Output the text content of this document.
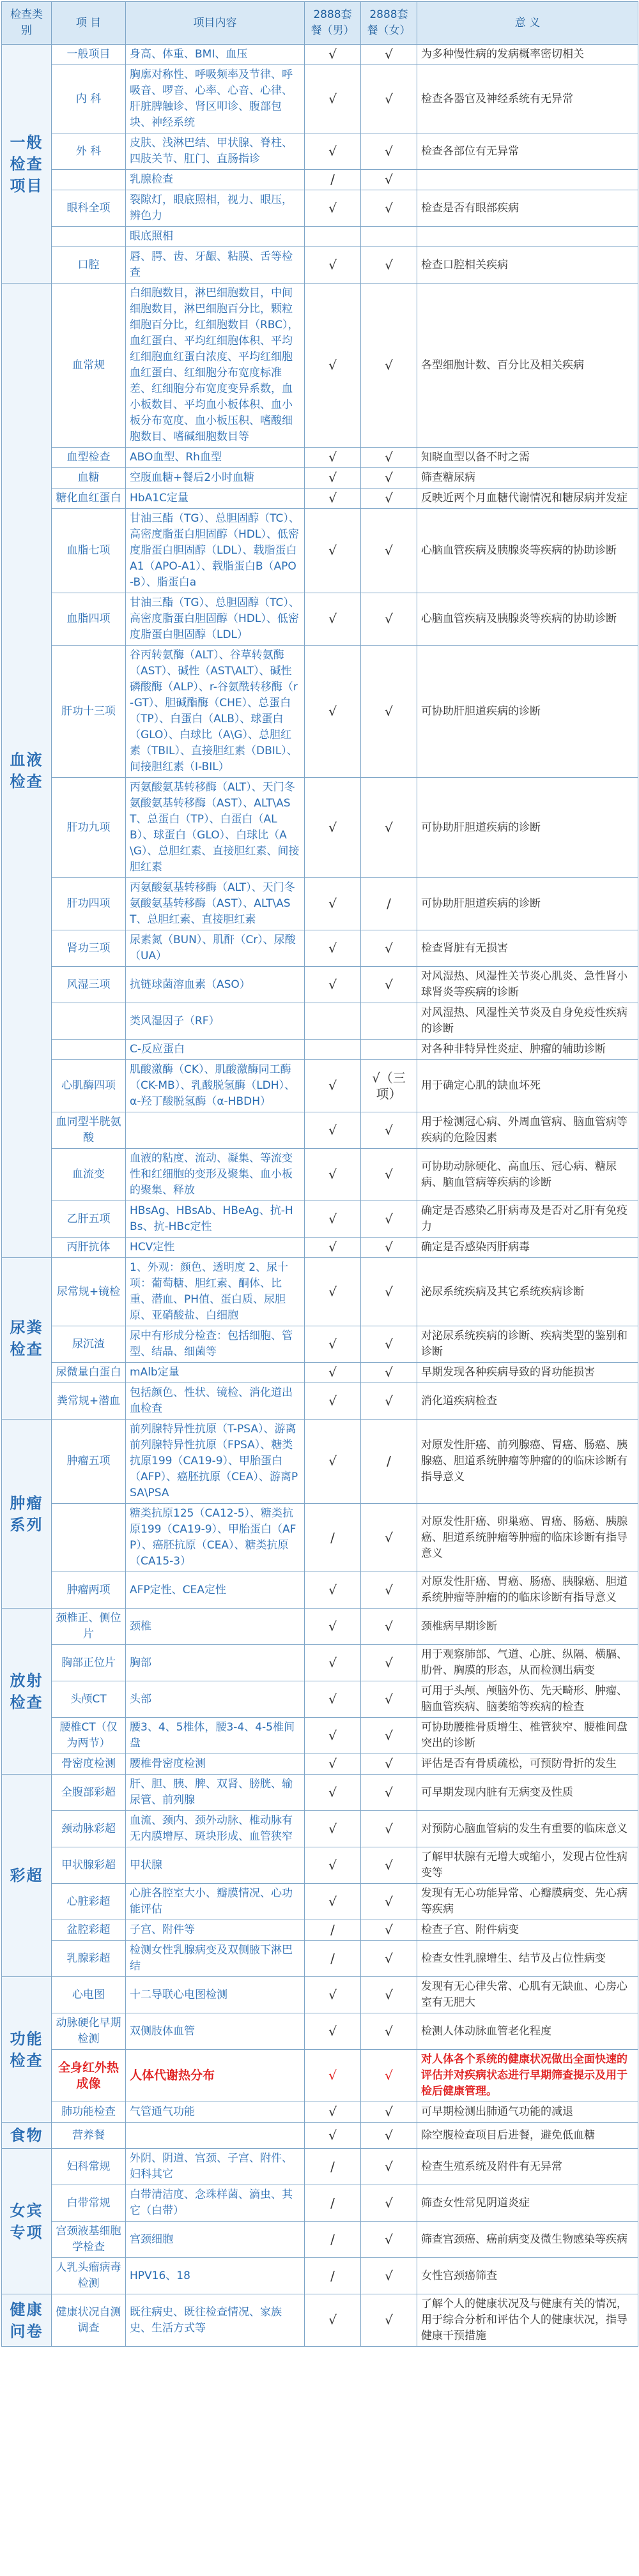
检查类别	项 目	项目内容	2888套餐（男）	2888套餐（女）	意 义
一般检查项目	一般项目	身高、体重、BMI、血压	√	√	为多种慢性病的发病概率密切相关
	内 科	胸廓对称性、呼吸频率及节律、呼吸音、啰音、心率、心音、心律、肝脏脾触诊、肾区叩诊、腹部包块、神经系统	√	√	检查各器官及神经系统有无异常
	外 科	皮肤、浅淋巴结、甲状腺、脊柱、四肢关节、肛门、直肠指诊	√	√	检查各部位有无异常
		乳腺检查	/	√	
	眼科全项	裂隙灯，眼底照相，视力、眼压，辨色力	√	√	检查是否有眼部疾病
		眼底照相			
	口腔	唇、腭、齿、牙龈、粘膜、舌等检查	√	√	检查口腔相关疾病
血液检查	血常规	白细胞数目，淋巴细胞数目，中间细胞数目，淋巴细胞百分比，颗粒细胞百分比，红细胞数目（RBC），血红蛋白、平均红细胞体积、平均红细胞血红蛋白浓度、平均红细胞血红蛋白、红细胞分布宽度标准差、红细胞分布宽度变异系数，血小板数目、平均血小板体积、血小板分布宽度、血小板压积、嗜酸细胞数目、嗜碱细胞数目等	√	√	各型细胞计数、百分比及相关疾病
	血型检查	ABO血型、Rh血型	√	√	知晓血型以备不时之需
	血糖	空腹血糖+餐后2小时血糖	√	√	筛查糖尿病
	糖化血红蛋白	HbA1C定量	√	√	反映近两个月血糖代谢情况和糖尿病并发症
	血脂七项	甘油三酯（TG）、总胆固醇（TC）、高密度脂蛋白胆固醇（HDL）、低密度脂蛋白胆固醇（LDL）、载脂蛋白A1（APO-A1）、载脂蛋白B（APO-B）、脂蛋白a	√	√	心脑血管疾病及胰腺炎等疾病的协助诊断
	血脂四项	甘油三酯（TG）、总胆固醇（TC）、高密度脂蛋白胆固醇（HDL）、低密度脂蛋白胆固醇（LDL）	√	√	心脑血管疾病及胰腺炎等疾病的协助诊断
	肝功十三项	谷丙转氨酶（ALT）、谷草转氨酶（AST）、碱性（AST\ALT）、碱性磷酸酶（ALP）、r-谷氨酰转移酶（r-GT）、胆碱酯酶（CHE）、总蛋白（TP）、白蛋白（ALB）、球蛋白（GLO）、白球比（A\G）、总胆红素（TBIL）、直接胆红素（DBIL）、间接胆红素（I-BIL）	√	√	可协助肝胆道疾病的诊断
	肝功九项	丙氨酸氨基转移酶（ALT）、天门冬氨酸氨基转移酶（AST）、ALT\AST、总蛋白（TP）、白蛋白（ALB）、球蛋白（GLO）、白球比（A\G）、总胆红素、直接胆红素、间接胆红素	√	√	可协助肝胆道疾病的诊断
	肝功四项	丙氨酸氨基转移酶（ALT）、天门冬氨酸氨基转移酶（AST）、ALT\AST、总胆红素、直接胆红素	√	/	可协助肝胆道疾病的诊断
	肾功三项	尿素氮（BUN）、肌酐（Cr）、尿酸（UA）	√	√	检查肾脏有无损害
	风湿三项	抗链球菌溶血素（ASO）	√	√	对风湿热、风湿性关节炎心肌炎、急性肾小球肾炎等疾病的诊断
		类风湿因子（RF）			对风湿热、风湿性关节炎及自身免疫性疾病的诊断
		C-反应蛋白			对各种非特异性炎症、肿瘤的辅助诊断
	心肌酶四项	肌酸激酶（CK）、肌酸激酶同工酶（CK-MB）、乳酸脱氢酶（LDH）、α-羟丁酸脱氢酶（α-HBDH）	√	√（三项）	用于确定心肌的缺血坏死
	血同型半胱氨酸		√	√	用于检测冠心病、外周血管病、脑血管病等疾病的危险因素
	血流变	血液的粘度、流动、凝集、等流变性和红细胞的变形及聚集、血小板的聚集、释放	√	√	可协助动脉硬化、高血压、冠心病、糖尿病、脑血管病等疾病的诊断
	乙肝五项	HBsAg、HBsAb、HBeAg、抗-HBs、抗-HBc定性	√	√	确定是否感染乙肝病毒及是否对乙肝有免疫力
	丙肝抗体	HCV定性	√	√	确定是否感染丙肝病毒
尿粪检查	尿常规+镜检	1、外观：颜色、透明度 2、尿十项：葡萄糖、胆红素、酮体、比重、潜血、PH值、蛋白质、尿胆原、亚硝酸盐、白细胞	√	√	泌尿系统疾病及其它系统疾病诊断
	尿沉渣	尿中有形成分检查：包括细胞、管型、结晶、细菌等	√	√	对泌尿系统疾病的诊断、疾病类型的鉴别和诊断
	尿微量白蛋白	mAlb定量	√	√	早期发现各种疾病导致的肾功能损害
	粪常规+潜血	包括颜色、性状、镜检、消化道出血检查	√	√	消化道疾病检查
肿瘤系列	肿瘤五项	前列腺特异性抗原（T-PSA）、游离前列腺特异性抗原（FPSA）、糖类抗原199（CA19-9）、甲胎蛋白（AFP）、癌胚抗原（CEA）、游离PSA\PSA	√	/	对原发性肝癌、前列腺癌、胃癌、肠癌、胰腺癌、胆道系统肿瘤等肿瘤的的临床诊断有指导意义
		糖类抗原125（CA12-5）、糖类抗原199（CA19-9）、甲胎蛋白（AFP）、癌胚抗原（CEA）、糖类抗原（CA15-3）	/	√	对原发性肝癌、卵巢癌、胃癌、肠癌、胰腺癌、胆道系统肿瘤等肿瘤的临床诊断有指导意义
	肿瘤两项	AFP定性、CEA定性	√	√	对原发性肝癌、胃癌、肠癌、胰腺癌、胆道系统肿瘤等肿瘤的的临床诊断有指导意义
放射检查	颈椎正、侧位片	颈椎	√	√	颈椎病早期诊断
	胸部正位片	胸部	√	√	用于观察肺部、气道、心脏、纵隔、横膈、肋骨、胸膜的形态，从而检测出病变
	头颅CT	头部	√	√	可用于头颅、颅脑外伤、先天畸形、肿瘤、脑血管疾病、脑萎缩等疾病的检查
	腰椎CT（仅为两节）	腰3、4、5椎体，腰3-4、4-5椎间盘	√	√	可协助腰椎骨质增生、椎管狭窄、腰椎间盘突出的诊断
	骨密度检测	腰椎骨密度检测	√	√	评估是否有骨质疏松，可预防骨折的发生
彩超	全腹部彩超	肝、胆、胰、脾、双肾、膀胱、输尿管、前列腺	√	√	可早期发现内脏有无病变及性质
	颈动脉彩超	血流、颈内、颈外动脉、椎动脉有无内膜增厚、斑块形成、血管狭窄	√	√	对预防心脑血管病的发生有重要的临床意义
	甲状腺彩超	甲状腺	√	√	了解甲状腺有无增大或缩小，发现占位性病变等
	心脏彩超	心脏各腔室大小、瓣膜情况、心功能评估	√	√	发现有无心功能异常、心瓣膜病变、先心病等疾病
	盆腔彩超	子宫、附件等	/	√	检查子宫、附件病变
	乳腺彩超	检测女性乳腺病变及双侧腋下淋巴结	/	√	检查女性乳腺增生、结节及占位性病变
功能检查	心电图	十二导联心电图检测	√	√	发现有无心律失常、心肌有无缺血、心房心室有无肥大
	动脉硬化早期检测	双侧肢体血管	√	√	检测人体动脉血管老化程度
	全身红外热成像	人体代谢热分布	√	√	对人体各个系统的健康状况做出全面快速的评估并对疾病状态进行早期筛查提示及用于检后健康管理。
	肺功能检查	气管通气功能	√	√	可早期检测出肺通气功能的减退
食物	营养餐		√	√	除空腹检查项目后进餐，避免低血糖
女宾专项	妇科常规	外阴、阴道、宫颈、子宫、附件、妇科其它	/	√	检查生殖系统及附件有无异常
	白带常规	白带清洁度、念珠样菌、滴虫、其它（白带）	/	√	筛查女性常见阴道炎症
	宫颈液基细胞学检查	宫颈细胞	/	√	筛查宫颈癌、癌前病变及微生物感染等疾病
	人乳头瘤病毒检测	HPV16、18	/	√	女性宫颈癌筛查
健康问卷	健康状况自测调查	既往病史、既往检查情况、家族史、生活方式等	√	√	了解个人的健康状况及与健康有关的情况，用于综合分析和评估个人的健康状况，指导健康干预措施
